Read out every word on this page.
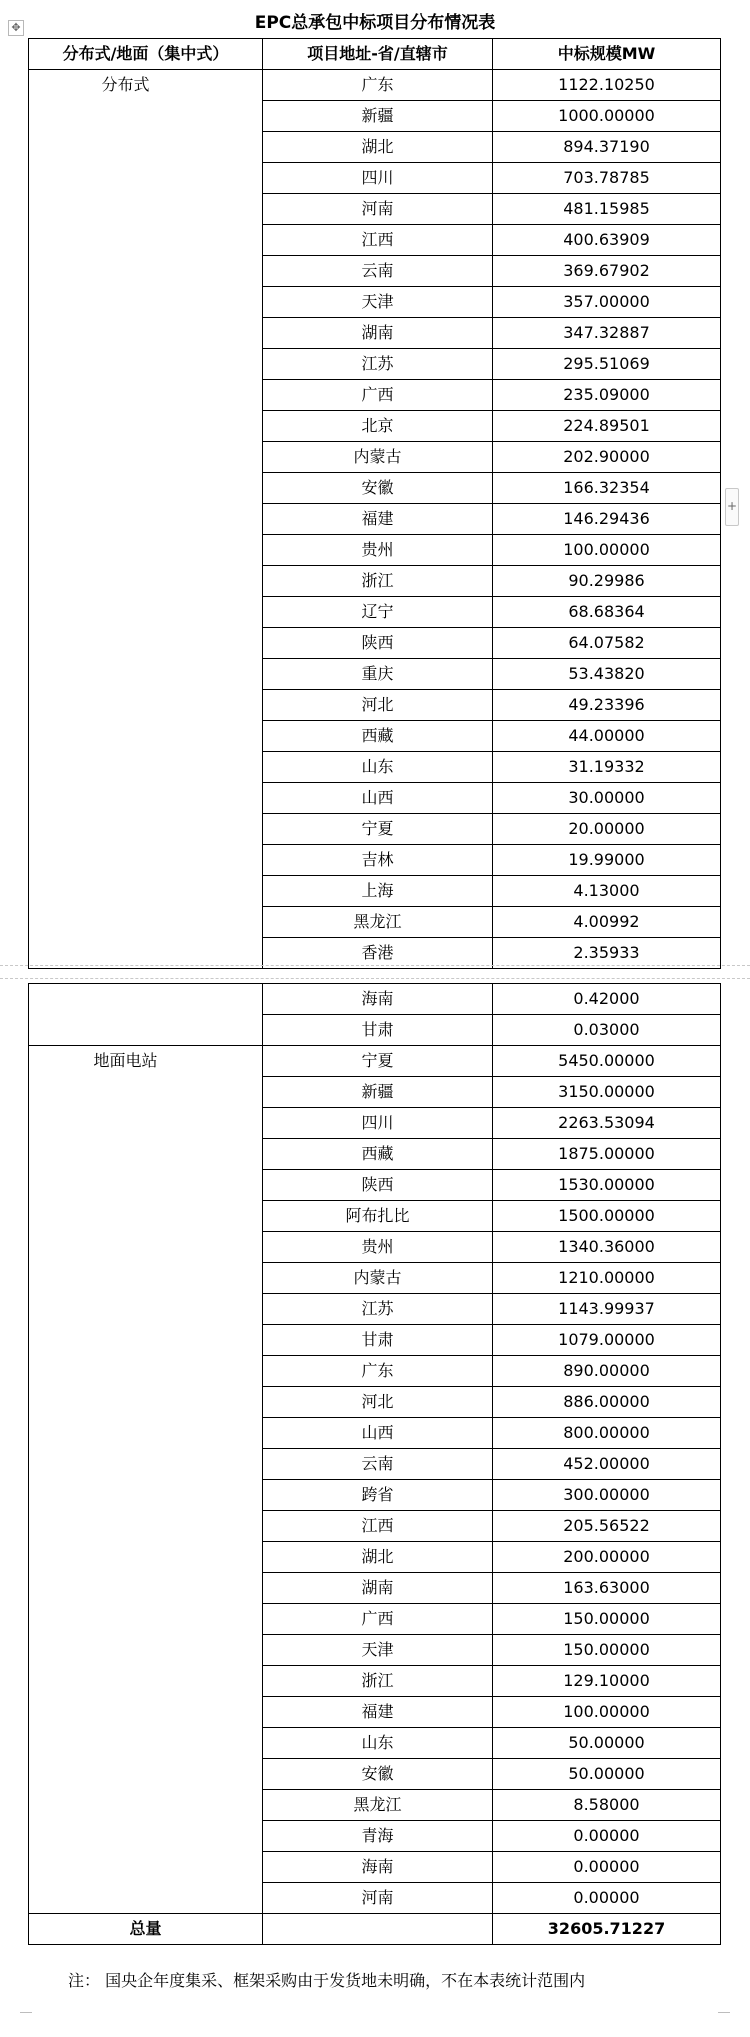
EPC总承包中标项目分布情况表
✥
分布式/地面（集中式）	项目地址-省/直辖市	中标规模MW
分布式	广东	1122.10250
	新疆	1000.00000
	湖北	894.37190
	四川	703.78785
	河南	481.15985
	江西	400.63909
	云南	369.67902
	天津	357.00000
	湖南	347.32887
	江苏	295.51069
	广西	235.09000
	北京	224.89501
	内蒙古	202.90000
	安徽	166.32354
	福建	146.29436
	贵州	100.00000
	浙江	90.29986
	辽宁	68.68364
	陕西	64.07582
	重庆	53.43820
	河北	49.23396
	西藏	44.00000
	山东	31.19332
	山西	30.00000
	宁夏	20.00000
	吉林	19.99000
	上海	4.13000
	黑龙江	4.00992
	香港	2.35933
+
	海南	0.42000
	甘肃	0.03000
地面电站	宁夏	5450.00000
	新疆	3150.00000
	四川	2263.53094
	西藏	1875.00000
	陕西	1530.00000
	阿布扎比	1500.00000
	贵州	1340.36000
	内蒙古	1210.00000
	江苏	1143.99937
	甘肃	1079.00000
	广东	890.00000
	河北	886.00000
	山西	800.00000
	云南	452.00000
	跨省	300.00000
	江西	205.56522
	湖北	200.00000
	湖南	163.63000
	广西	150.00000
	天津	150.00000
	浙江	129.10000
	福建	100.00000
	山东	50.00000
	安徽	50.00000
	黑龙江	8.58000
	青海	0.00000
	海南	0.00000
	河南	0.00000
总量		32605.71227
注： 国央企年度集采、框架采购由于发货地未明确，不在本表统计范围内
